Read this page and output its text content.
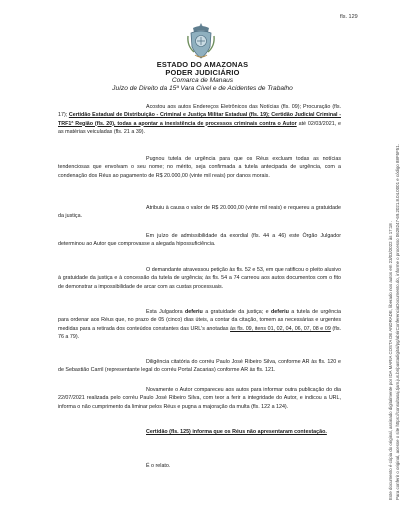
fls. 129
ESTADO DO AMAZONAS
PODER JUDICIÁRIO
Comarca de Manaus
Juízo de Direito da 15ª Vara Cível e de Acidentes de Trabalho
Acostou aos autos Endereços Eletrônicos das Notícias (fls. 09); Procuração (fls. 17); Certidão Estadual de Distribuição - Criminal e Justiça Militar Estadual (fls. 19); Certidão Judicial Criminal - TRF1ª Região (fls. 20), todas a apontar a inexistência de processos criminais contra o Autor até 02/03/2021, e as matérias veiculadas (fls. 21 a 39).
Pugnou tutela de urgência para que os Réus excluam todas as notícias tendenciosas que envolvam o seu nome; no mérito, seja confirmada a tutela antecipada de urgência, com a condenação dos Réus ao pagamento de R$ 20.000,00 (vinte mil reais) por danos morais.
Atribuiu à causa o valor de R$ 20.000,00 (vinte mil reais) e requereu a gratuidade da justiça.
Em juízo de admissibilidade da exordial (fls. 44 a 46) este Órgão Julgador determinou ao Autor que comprovasse a alegada hipossuficiência.
O demandante atravessou petição às fls. 52 e 53, em que ratificou o pleito alusivo à gratuidade da justiça e à concessão da tutela de urgência; às fls. 54 a 74 carreou aos autos documentos com o fito de demonstrar a impossibilidade de arcar com as custas processuais.
Esta Julgadora deferiu a gratuidade da justiça; e deferiu a tutela de urgência para ordenar aos Réus que, no prazo de 05 (cinco) dias úteis, a contar da citação, tomem as necessárias e urgentes medidas para a retirada dos conteúdos constantes das URL's anotadas às fls. 09, itens 01, 02, 04, 06, 07, 08 e 09 (fls. 76 a 79).
Diligência citatória do corréu Paulo José Ribeiro Silva, conforme AR às fls. 120 e de Sebastião Carril (representante legal do corréu Portal Zacarias) conforme AR às fls. 121.
Novamente o Autor compareceu aos autos para informar outra publicação do dia 22/07/2021 realizada pelo corréu Paulo José Ribeiro Silva, com teor a ferir a integridade do Autor, e indicou a URL, informa o não cumprimento da liminar pelos Réus e pugna a majoração da multa (fls. 122 a 124).
Certidão (fls. 125) informa que os Réus não apresentaram contestação.
É o relato.	Este documento é cópia do original, assinado digitalmente por IDA MARIA COSTA DE ANDRADE, liberado nos autos em 23/03/2022 às 17:18 . Para conferir o original, acesse o site https://consultasaj.tjam.jus.br/pastadigital/pg/abrirConferenciaDocumento.do, informe o processo 0628247-69.2021.8.04.0001 e código 88F5F51.
